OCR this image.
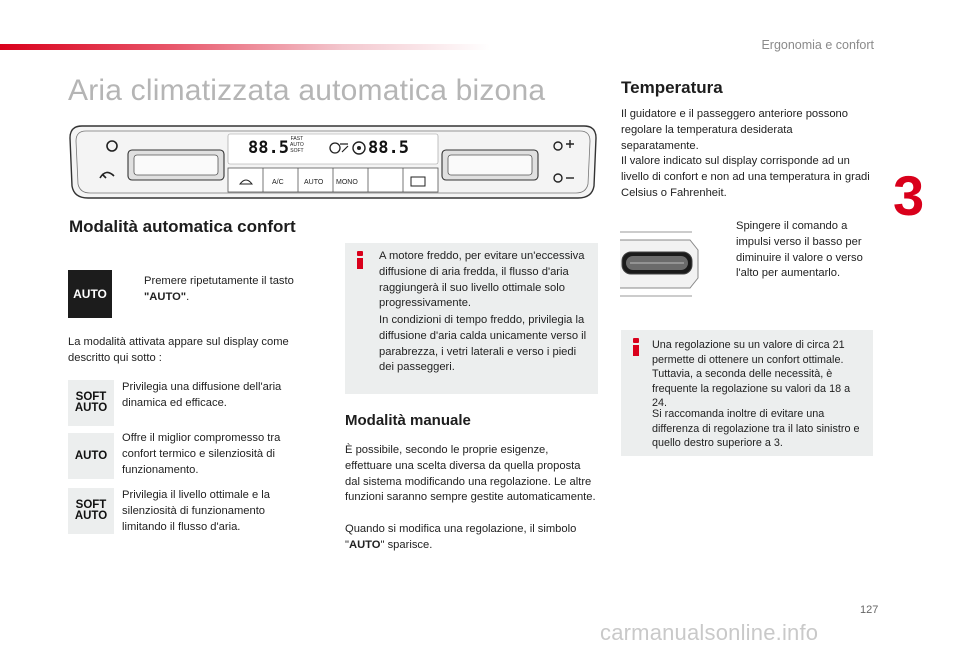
Ergonomia e confort
3
Aria climatizzata automatica bizona
88.5	88.5
FAST
AUTO
SOFT
A/C	AUTO MONO
Modalità automatica confort
AUTO
Premere ripetutamente il tasto "AUTO".
La modalità attivata appare sul display come descritto qui sotto :
SOFT
AUTO
Privilegia una diffusione dell'aria dinamica ed efficace.
AUTO
Offre il miglior compromesso tra confort termico e silenziosità di funzionamento.
SOFT
AUTO
Privilegia il livello ottimale e la silenziosità di funzionamento limitando il flusso d'aria.
A motore freddo, per evitare un'eccessiva diffusione di aria fredda, il flusso d'aria raggiungerà il suo livello ottimale solo progressivamente.
In condizioni di tempo freddo, privilegia la diffusione d'aria calda unicamente verso il parabrezza, i vetri laterali e verso i piedi dei passeggeri.
Modalità manuale
È possibile, secondo le proprie esigenze, effettuare una scelta diversa da quella proposta dal sistema modificando una regolazione. Le altre funzioni saranno sempre gestite automaticamente.
Quando si modifica una regolazione, il simbolo "AUTO" sparisce.
Temperatura
Il guidatore e il passeggero anteriore possono regolare la temperatura desiderata separatamente.
Il valore indicato sul display corrisponde ad un livello di confort e non ad una temperatura in gradi Celsius o Fahrenheit.
Spingere il comando a impulsi verso il basso per diminuire il valore o verso l'alto per aumentarlo.
Una regolazione su un valore di circa 21 permette di ottenere un confort ottimale. Tuttavia, a seconda delle necessità, è frequente la regolazione su valori da 18 a 24.
Si raccomanda inoltre di evitare una differenza di regolazione tra il lato sinistro e quello destro superiore a 3.
127
carmanualsonline.info
